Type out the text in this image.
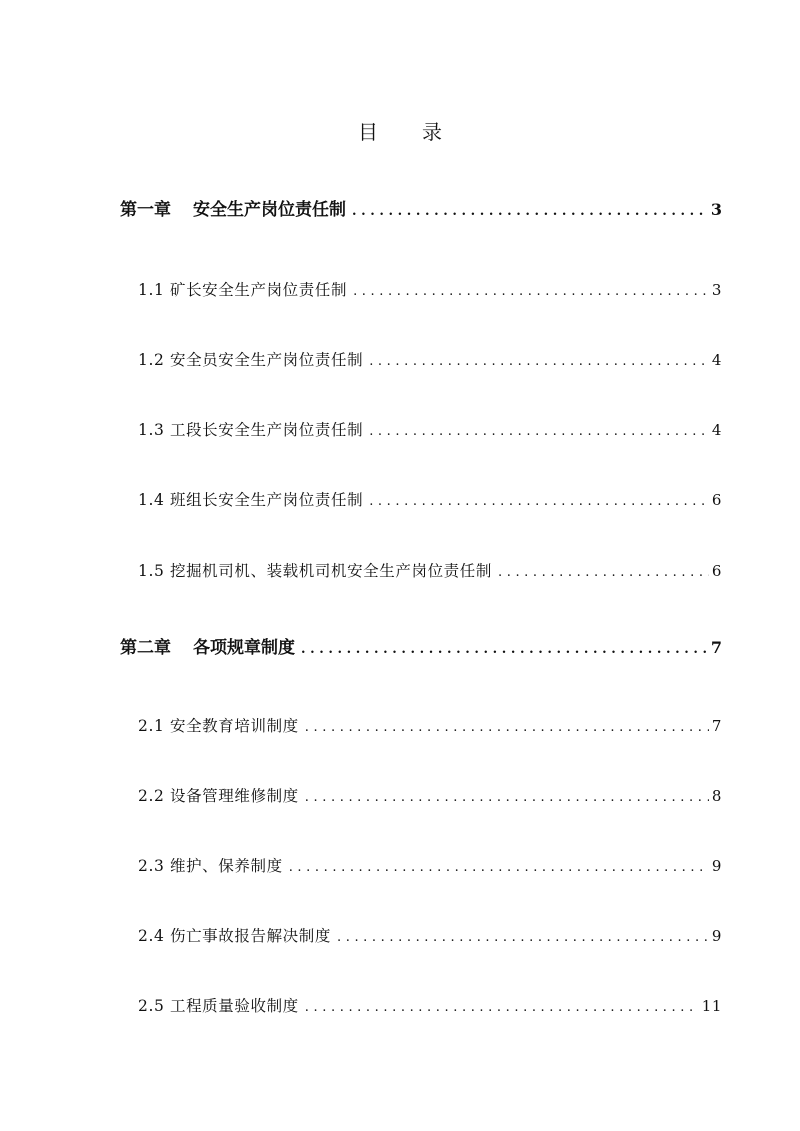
目录
第一章 安全生产岗位责任制 .....	3
1.1 矿长安全生产岗位责任制 .....	3
1.2 安全员安全生产岗位责任制 .....	4
1.3 工段长安全生产岗位责任制 .....	4
1.4 班组长安全生产岗位责任制 .....	6
1.5 挖掘机司机、装载机司机安全生产岗位责任制 .....	6
第二章 各项规章制度 .....	7
2.1 安全教育培训制度 .....	7
2.2 设备管理维修制度 .....	8
2.3 维护、保养制度 .....	9
2.4 伤亡事故报告解决制度 .....	9
2.5 工程质量验收制度 .....	11
